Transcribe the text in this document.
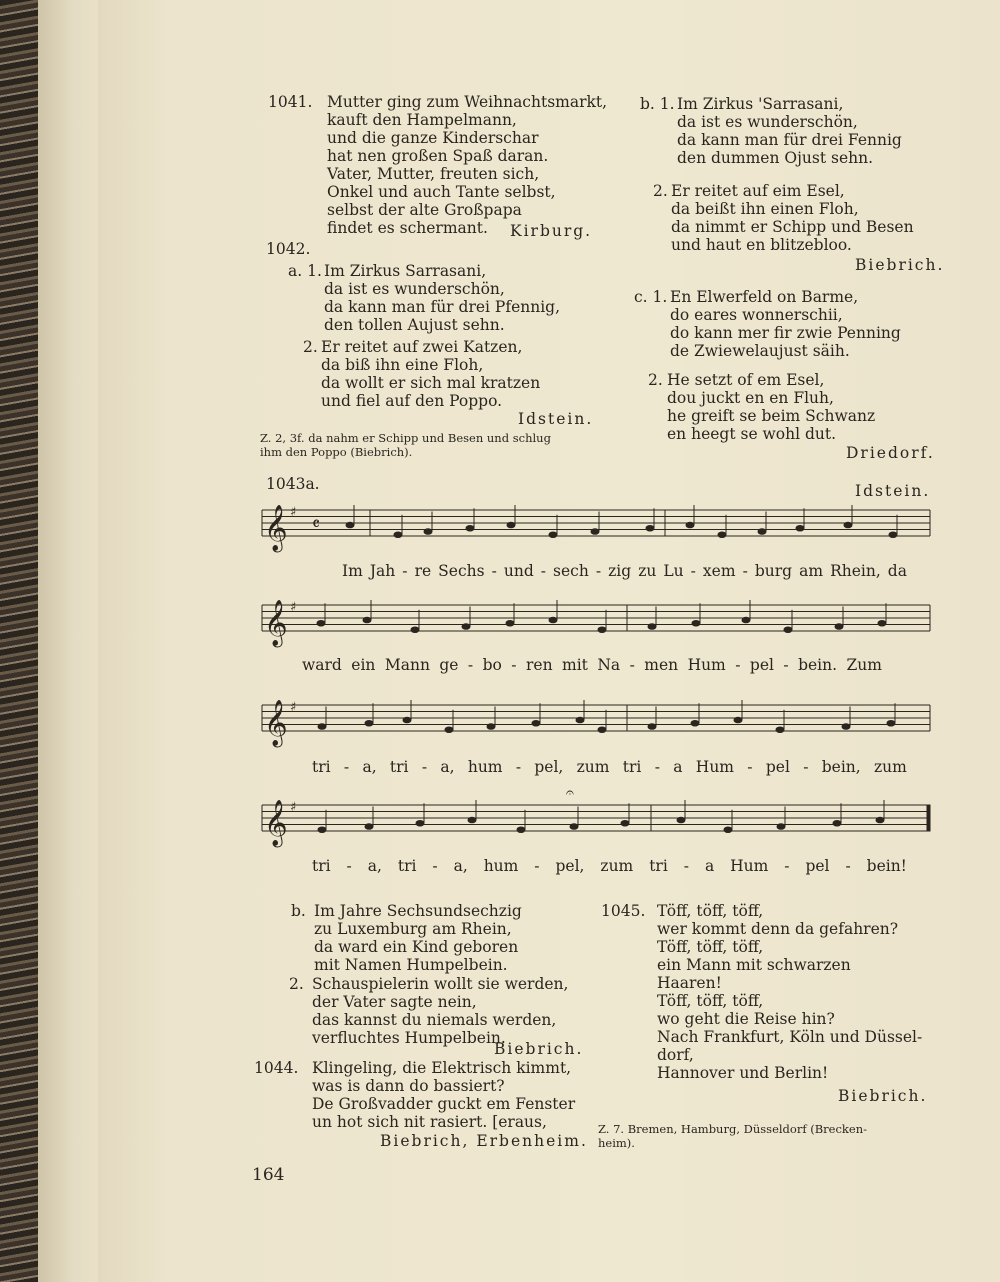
1041. Mutter ging zum Weihnachtsmarkt,
kauft den Hampelmann,
und die ganze Kinderschar
hat nen großen Spaß daran.
Vater, Mutter, freuten sich,
Onkel und auch Tante selbst,
selbst der alte Großpapa
findet es schermant.	Kirburg.
1042.
a. 1. Im Zirkus Sarrasani,
da ist es wunderschön,
da kann man für drei Pfennig,
den tollen Aujust sehn.
2. Er reitet auf zwei Katzen,
da biß ihn eine Floh,
da wollt er sich mal kratzen
und fiel auf den Poppo.
Idstein.
Z. 2, 3f. da nahm er Schipp und Besen und schlug
ihm den Poppo (Biebrich).
b. 1. Im Zirkus 'Sarrasani,
da ist es wunderschön,
da kann man für drei Fennig
den dummen Ojust sehn.
2. Er reitet auf eim Esel,
da beißt ihn einen Floh,
da nimmt er Schipp und Besen
und haut en blitzebloo.
Biebrich.
c. 1. En Elwerfeld on Barme,
do eares wonnerschii,
do kann mer fir zwie Penning
de Zwiewelaujust säih.
2. He setzt of em Esel,
dou juckt en en Fluh,
he greift se beim Schwanz
en heegt se wohl dut.
Driedorf.
1043a.	Idstein.
𝄞 ♯
𝄴
𝄞 ♯
𝄞 ♯
𝄞 ♯
𝄐
Im Jah - re Sechs - und - sech - zig zu Lu - xem - burg am Rhein, da
ward ein Mann ge - bo - ren mit Na - men Hum - pel - bein. Zum
tri - a, tri - a, hum - pel, zum tri - a Hum - pel - bein, zum
tri - a, tri - a, hum - pel, zum tri - a Hum - pel - bein!
b. Im Jahre Sechsundsechzig
zu Luxemburg am Rhein,
da ward ein Kind geboren
mit Namen Humpelbein.
2. Schauspielerin wollt sie werden,
der Vater sagte nein,
das kannst du niemals werden,
verfluchtes Humpelbein.
Biebrich.
1044. Klingeling, die Elektrisch kimmt,
was is dann do bassiert?
De Großvadder guckt em Fenster
un hot sich nit rasiert. [eraus,
Biebrich, Erbenheim.
1045. Töff, töff, töff,
wer kommt denn da gefahren?
Töff, töff, töff,
ein Mann mit schwarzen
Haaren!
Töff, töff, töff,
wo geht die Reise hin?
Nach Frankfurt, Köln und Düssel-
dorf,
Hannover und Berlin!
Biebrich.
Z. 7. Bremen, Hamburg, Düsseldorf (Brecken-
heim).
164
